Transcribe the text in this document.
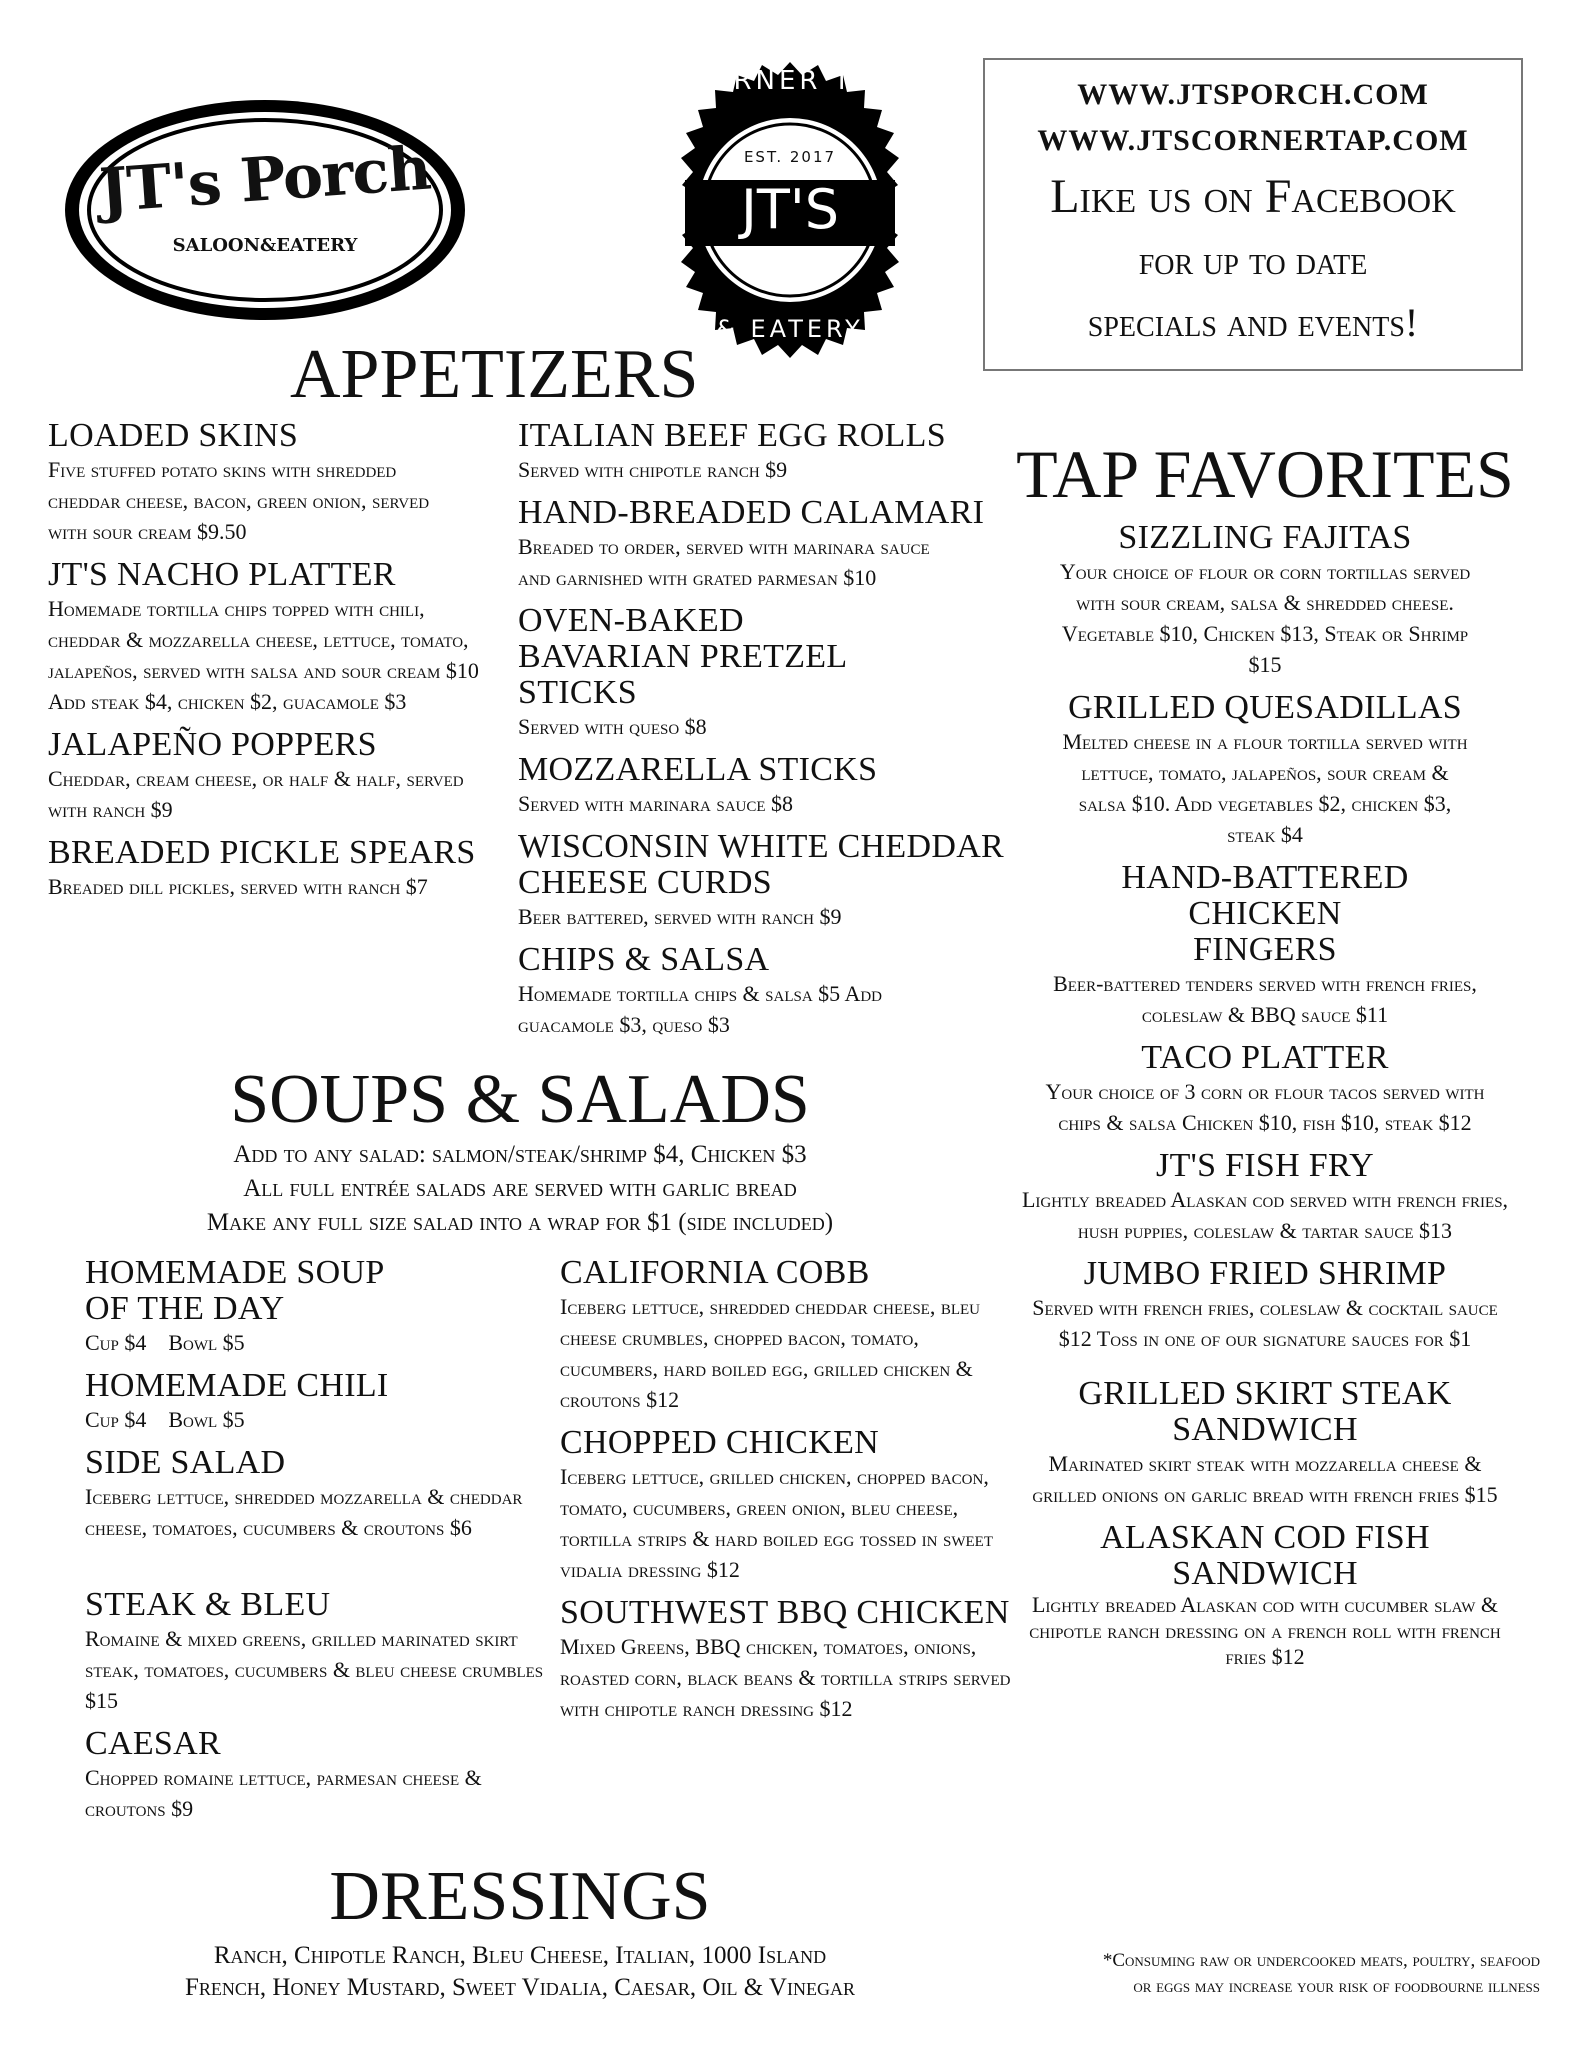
JT's Porch
SALOON&EATERY
CORNER TAP
EST. 2017
JT'S
& EATERY
WWW.JTSPORCH.COM
WWW.JTSCORNERTAP.COM
Like us on Facebook
for up to date
specials and events!
APPETIZERS
LOADED SKINS
Five stuffed potato skins with shredded cheddar cheese, bacon, green onion, served with sour cream $9.50
JT'S NACHO PLATTER
Homemade tortilla chips topped with chili, cheddar & mozzarella cheese, lettuce, tomato, jalapeños, served with salsa and sour cream $10 Add steak $4, chicken $2, guacamole $3
JALAPEÑO POPPERS
Cheddar, cream cheese, or half & half, served with ranch $9
BREADED PICKLE SPEARS
Breaded dill pickles, served with ranch $7
ITALIAN BEEF EGG ROLLS
Served with chipotle ranch $9
HAND-BREADED CALAMARI
Breaded to order, served with marinara sauce and garnished with grated parmesan $10
OVEN-BAKED BAVARIAN PRETZEL STICKS
Served with queso $8
MOZZARELLA STICKS
Served with marinara sauce $8
WISCONSIN WHITE CHEDDAR CHEESE CURDS
Beer battered, served with ranch $9
CHIPS & SALSA
Homemade tortilla chips & salsa $5 Add guacamole $3, queso $3
SOUPS & SALADS
Add to any salad: salmon/steak/shrimp $4, Chicken $3
All full entrée salads are served with garlic bread
Make any full size salad into a wrap for $1 (side included)
HOMEMADE SOUP OF THE DAY
Cup $4    Bowl $5
HOMEMADE CHILI
Cup $4    Bowl $5
SIDE SALAD
Iceberg lettuce, shredded mozzarella & cheddar cheese, tomatoes, cucumbers & croutons $6
STEAK & BLEU
Romaine & mixed greens, grilled marinated skirt steak, tomatoes, cucumbers & bleu cheese crumbles $15
CAESAR
Chopped romaine lettuce, parmesan cheese & croutons $9
CALIFORNIA COBB
Iceberg lettuce, shredded cheddar cheese, bleu cheese crumbles, chopped bacon, tomato, cucumbers, hard boiled egg, grilled chicken & croutons $12
CHOPPED CHICKEN
Iceberg lettuce, grilled chicken, chopped bacon, tomato, cucumbers, green onion, bleu cheese, tortilla strips & hard boiled egg tossed in sweet vidalia dressing $12
SOUTHWEST BBQ CHICKEN
Mixed Greens, BBQ chicken, tomatoes, onions, roasted corn, black beans & tortilla strips served with chipotle ranch dressing $12
TAP FAVORITES
SIZZLING FAJITAS
Your choice of flour or corn tortillas served with sour cream, salsa & shredded cheese. Vegetable $10, Chicken $13, Steak or Shrimp $15
GRILLED QUESADILLAS
Melted cheese in a flour tortilla served with lettuce, tomato, jalapeños, sour cream & salsa $10. Add vegetables $2, chicken $3, steak $4
HAND-BATTERED CHICKEN FINGERS
Beer-battered tenders served with french fries, coleslaw & BBQ sauce $11
TACO PLATTER
Your choice of 3 corn or flour tacos served with chips & salsa Chicken $10, fish $10, steak $12
JT'S FISH FRY
Lightly breaded Alaskan cod served with french fries, hush puppies, coleslaw & tartar sauce $13
JUMBO FRIED SHRIMP
Served with french fries, coleslaw & cocktail sauce $12 Toss in one of our signature sauces for $1
GRILLED SKIRT STEAK SANDWICH
Marinated skirt steak with mozzarella cheese & grilled onions on garlic bread with french fries $15
ALASKAN COD FISH SANDWICH
Lightly breaded Alaskan cod with cucumber slaw & chipotle ranch dressing on a french roll with french fries $12
DRESSINGS
Ranch, Chipotle Ranch, Bleu Cheese, Italian, 1000 Island
French, Honey Mustard, Sweet Vidalia, Caesar, Oil & Vinegar
*Consuming raw or undercooked meats, poultry, seafood
or eggs may increase your risk of foodbourne illness
